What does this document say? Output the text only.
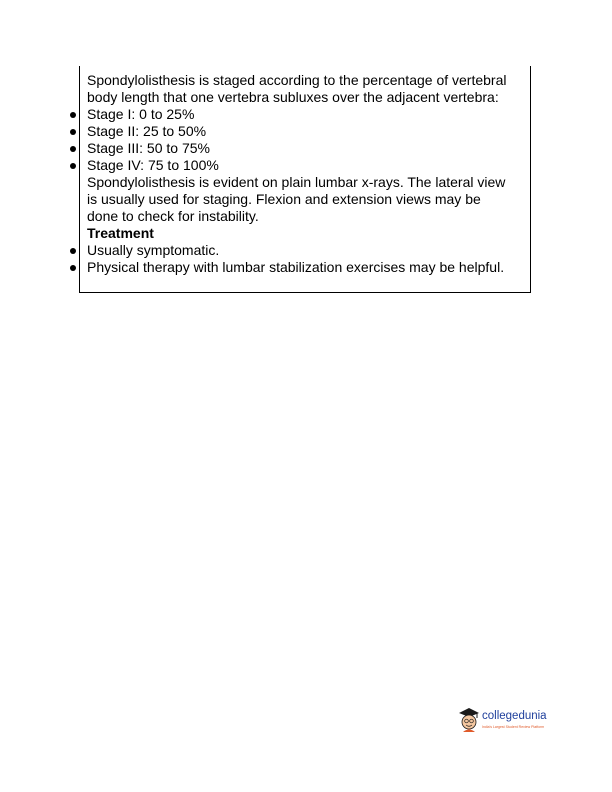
Spondylolisthesis is staged according to the percentage of vertebral
body length that one vertebra subluxes over the adjacent vertebra:
Stage I: 0 to 25%
Stage II: 25 to 50%
Stage III: 50 to 75%
Stage IV: 75 to 100%
Spondylolisthesis is evident on plain lumbar x-rays. The lateral view
is usually used for staging. Flexion and extension views may be
done to check for instability.
Treatment
Usually symptomatic.
Physical therapy with lumbar stabilization exercises may be helpful.
collegedunia
India's Largest Student Review Platform
